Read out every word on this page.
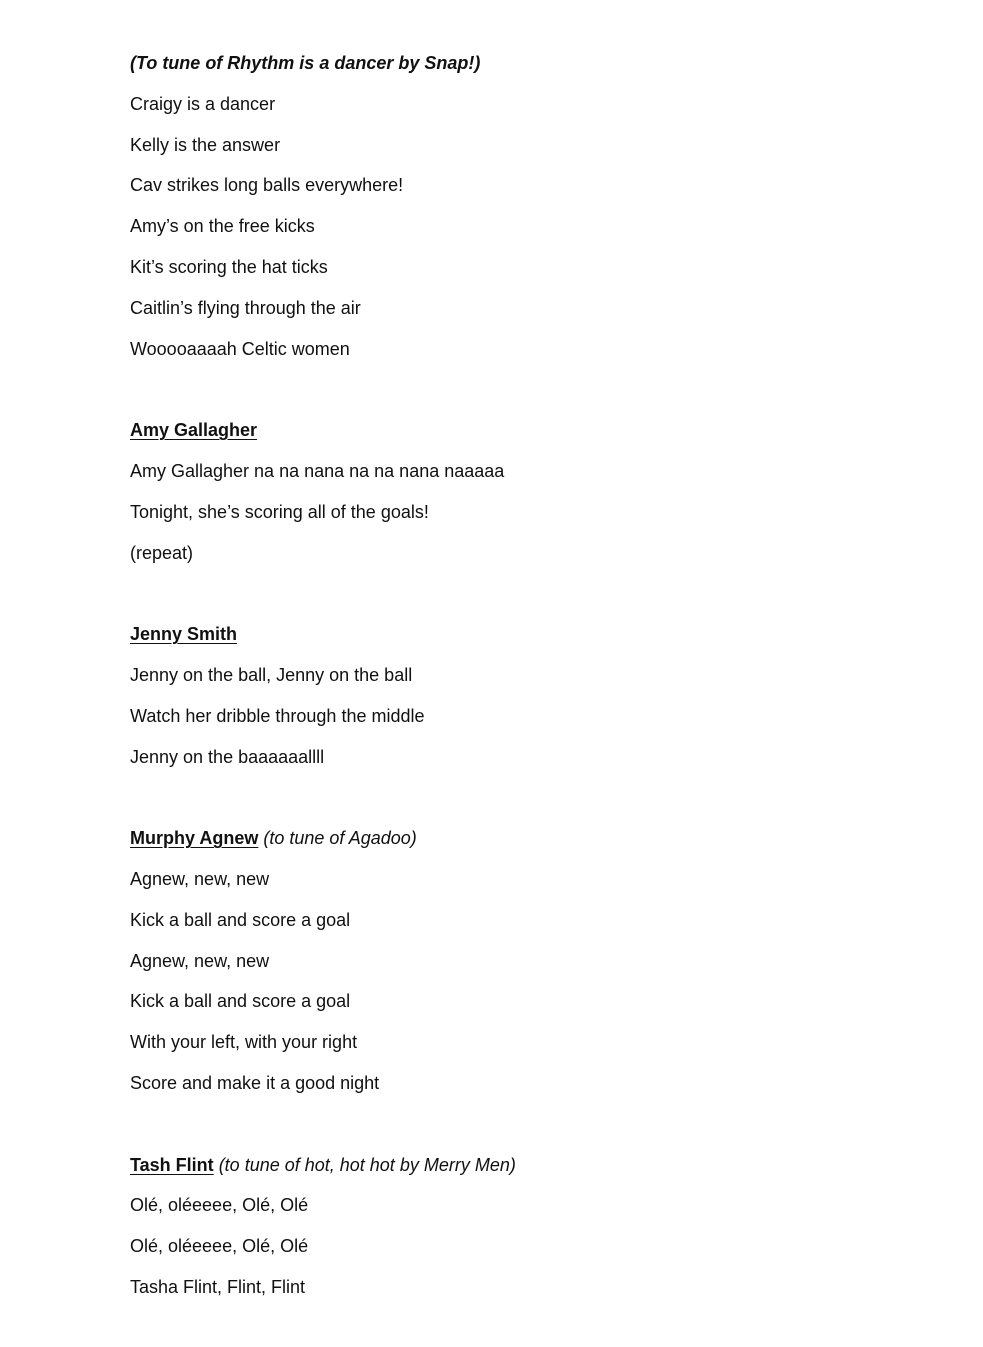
(To tune of Rhythm is a dancer by Snap!)
Craigy is a dancer
Kelly is the answer
Cav strikes long balls everywhere!
Amy’s on the free kicks
Kit’s scoring the hat ticks
Caitlin’s flying through the air
Wooooaaaah Celtic women
Amy Gallagher
Amy Gallagher na na nana na na nana naaaaa
Tonight, she’s scoring all of the goals!
(repeat)
Jenny Smith
Jenny on the ball, Jenny on the ball
Watch her dribble through the middle
Jenny on the baaaaaallll
Murphy Agnew (to tune of Agadoo)
Agnew, new, new
Kick a ball and score a goal
Agnew, new, new
Kick a ball and score a goal
With your left, with your right
Score and make it a good night
Tash Flint (to tune of hot, hot hot by Merry Men)
Olé, oléeeee, Olé, Olé
Olé, oléeeee, Olé, Olé
Tasha Flint, Flint, Flint
